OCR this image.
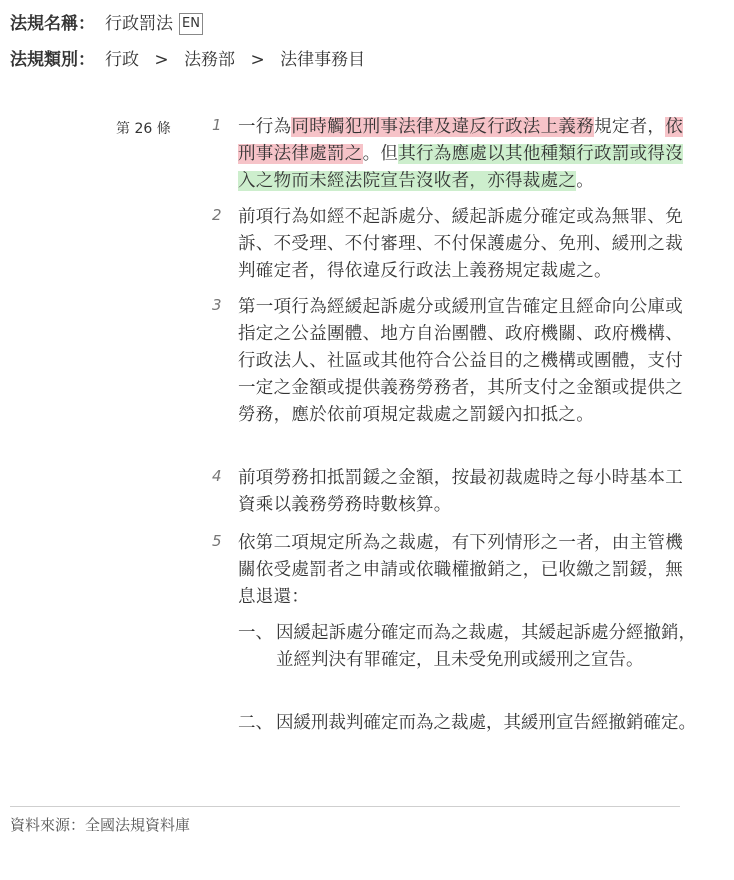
法規名稱： 行政罰法 EN
法規類別： 行政 > 法務部 > 法律事務目
第 26 條	1 一行為同時觸犯刑事法律及違反行政法上義務規定者，依刑事法律處罰之。但其行為應處以其他種類行政罰或得沒入之物而未經法院宣告沒收者，亦得裁處之。
2 前項行為如經不起訴處分、緩起訴處分確定或為無罪、免訴、不受理、不付審理、不付保護處分、免刑、緩刑之裁判確定者，得依違反行政法上義務規定裁處之。
3 第一項行為經緩起訴處分或緩刑宣告確定且經命向公庫或指定之公益團體、地方自治團體、政府機關、政府機構、行政法人、社區或其他符合公益目的之機構或團體，支付一定之金額或提供義務勞務者，其所支付之金額或提供之勞務，應於依前項規定裁處之罰鍰內扣抵之。
4 前項勞務扣抵罰鍰之金額，按最初裁處時之每小時基本工資乘以義務勞務時數核算。
5 依第二項規定所為之裁處，有下列情形之一者，由主管機關依受處罰者之申請或依職權撤銷之，已收繳之罰鍰，無息退還：
一、 因緩起訴處分確定而為之裁處，其緩起訴處分經撤銷，並經判決有罪確定，且未受免刑或緩刑之宣告。
二、 因緩刑裁判確定而為之裁處，其緩刑宣告經撤銷確定。
資料來源：全國法規資料庫
